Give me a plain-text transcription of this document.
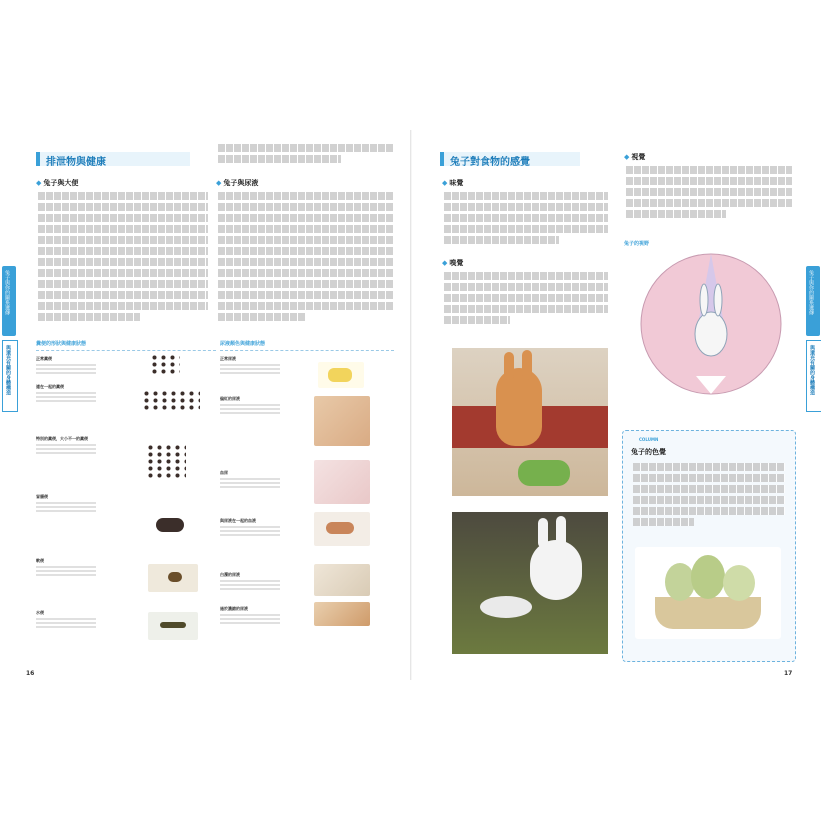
排泄物與健康
◆ 兔子與大便
◆	兔子與尿液
糞便的形狀與健康狀態
正常糞便
連在一起的糞便
特別的糞便，大小不一的糞便
盲腸便
軟便
水便
尿液顏色與健康狀態
正常尿液
偏紅的尿液
血尿
與尿液在一起的血液
白濁的尿液
過於濃縮的尿液
16
兔子與你的關系遺傳
與還充有關的身體構造
兔子對食物的感覺
◆ 味覺
◆ 嗅覺
◆ 視覺
兔子的視野
COLUMN
兔子的色覺
17
兔子與你的關系遺傳
與還充有關的身體構造
